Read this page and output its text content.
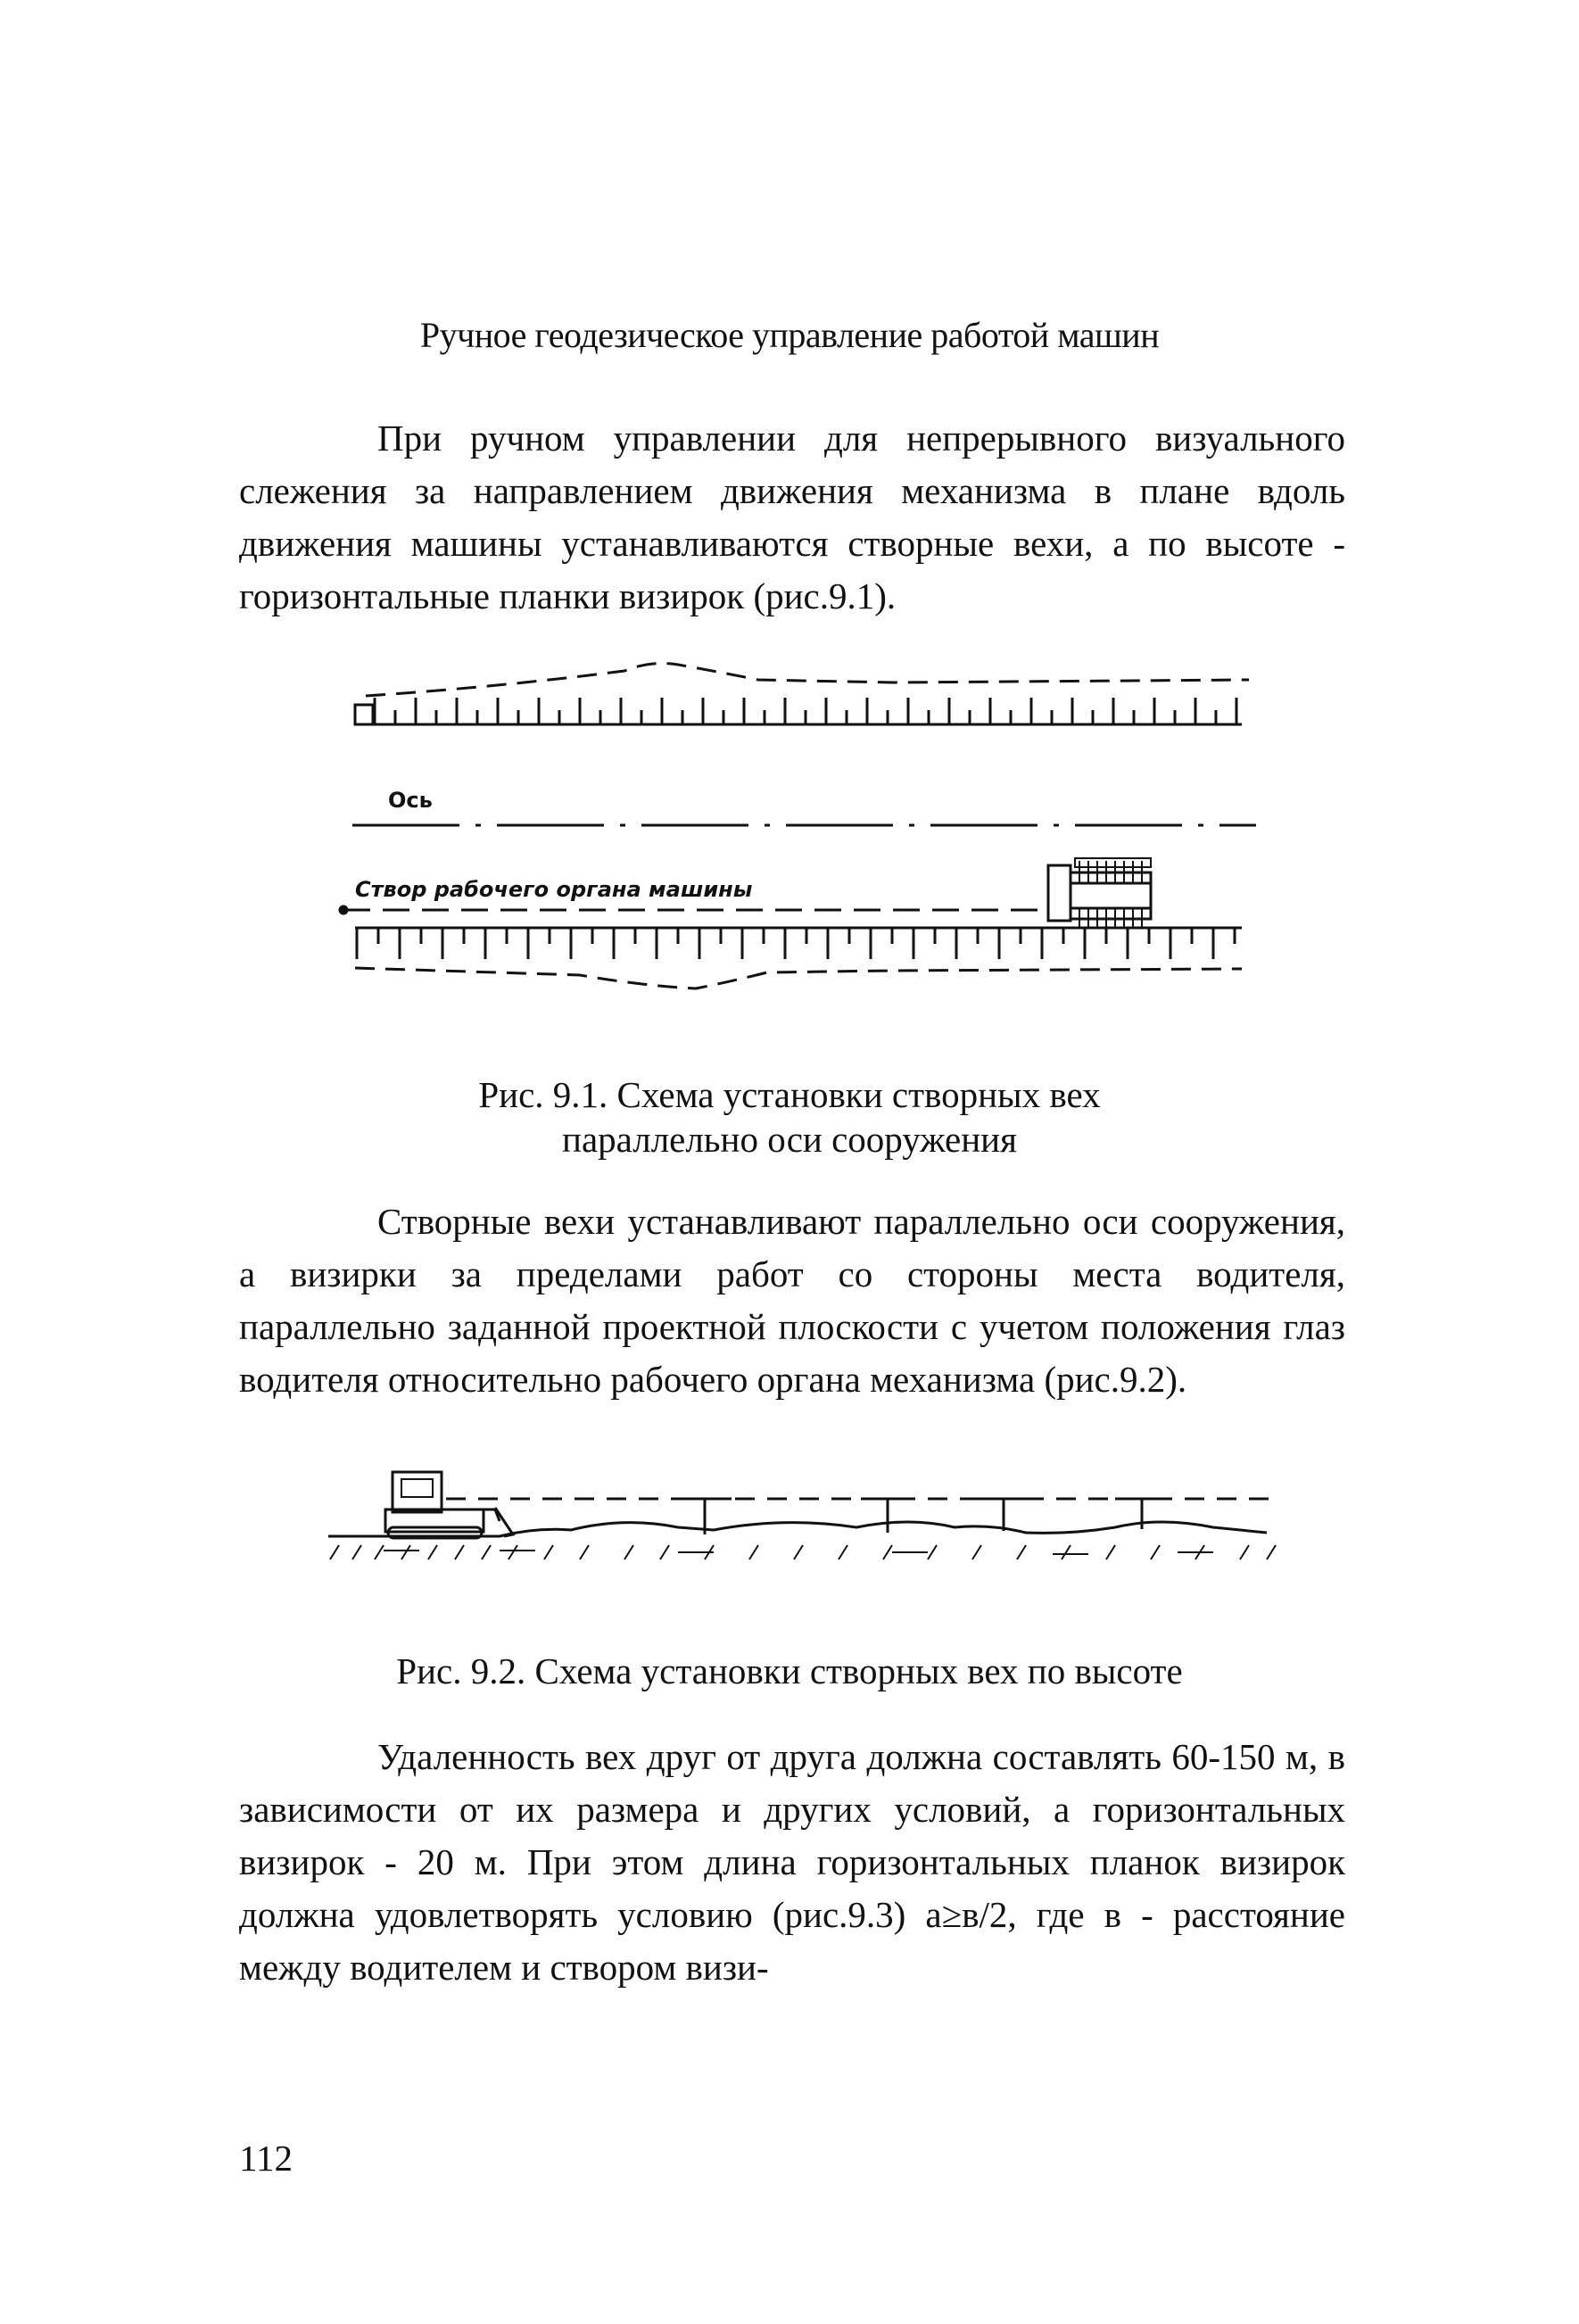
Ручное геодезическое управление работой машин

При ручном управлении для непрерывного визуального слежения за направлением движения механизма в плане вдоль движения машины устанавливаются створные вехи, а по высоте - горизонтальные планки визирок (рис.9.1).

Ось
Створ рабочего органа машины
Рис. 9.1. Схема установки створных вех параллельно оси сооружения

Створные вехи устанавливают параллельно оси сооружения, а визирки за пределами работ со стороны места водителя, параллельно заданной проектной плоскости с учетом положения глаз водителя относительно рабочего органа механизма (рис.9.2).

Рис. 9.2. Схема установки створных вех по высоте

Удаленность вех друг от друга должна составлять 60-150 м, в зависимости от их размера и других условий, а горизонтальных визирок - 20 м. При этом длина горизонтальных планок визирок должна удовлетворять условию (рис.9.3) а≥в/2, где в - расстояние между водителем и створом визи-

112
